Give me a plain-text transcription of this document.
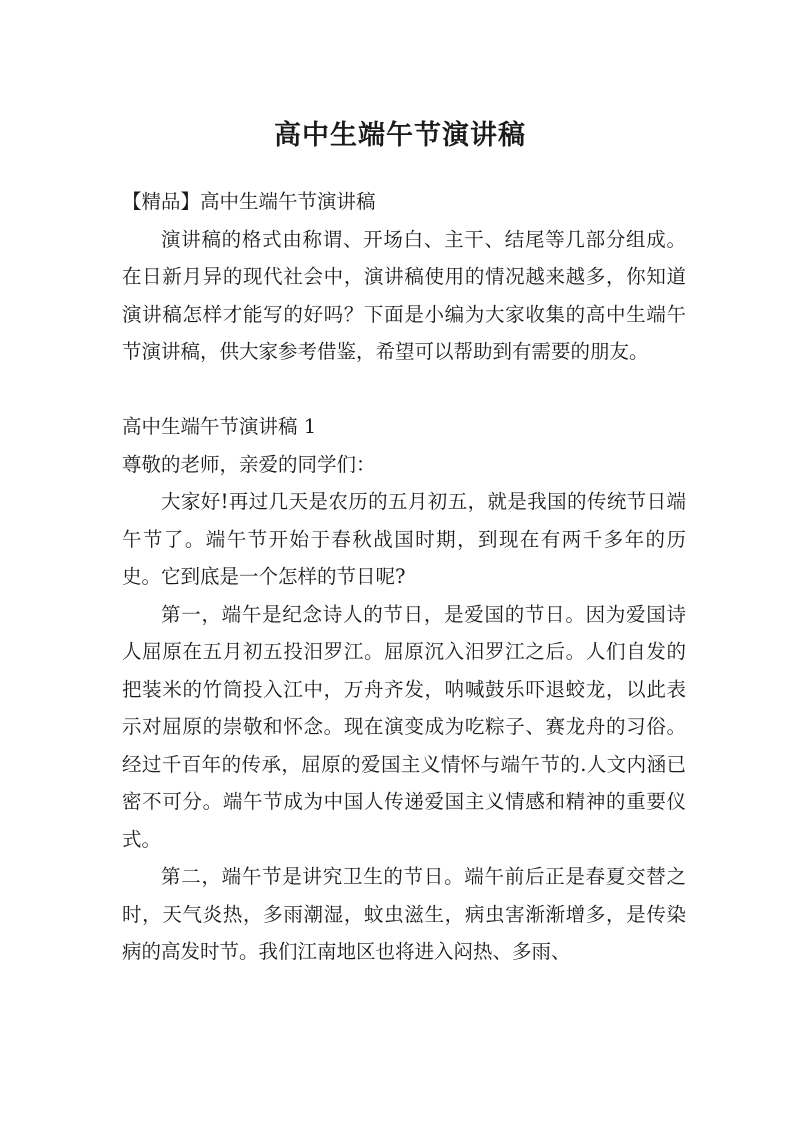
高中生端午节演讲稿

【精品】高中生端午节演讲稿

演讲稿的格式由称谓、开场白、主干、结尾等几部分组成。在日新月异的现代社会中，演讲稿使用的情况越来越多，你知道演讲稿怎样才能写的好吗？下面是小编为大家收集的高中生端午节演讲稿，供大家参考借鉴，希望可以帮助到有需要的朋友。

高中生端午节演讲稿 1

尊敬的老师，亲爱的同学们：

大家好!再过几天是农历的五月初五，就是我国的传统节日端午节了。端午节开始于春秋战国时期，到现在有两千多年的历史。它到底是一个怎样的节日呢?

第一，端午是纪念诗人的节日，是爱国的节日。因为爱国诗人屈原在五月初五投汨罗江。屈原沉入汨罗江之后。人们自发的把装米的竹筒投入江中，万舟齐发，呐喊鼓乐吓退蛟龙，以此表示对屈原的崇敬和怀念。现在演变成为吃粽子、赛龙舟的习俗。经过千百年的传承，屈原的爱国主义情怀与端午节的.人文内涵已密不可分。端午节成为中国人传递爱国主义情感和精神的重要仪式。

第二，端午节是讲究卫生的节日。端午前后正是春夏交替之时，天气炎热，多雨潮湿，蚊虫滋生，病虫害渐渐增多，是传染病的高发时节。我们江南地区也将进入闷热、多雨、
